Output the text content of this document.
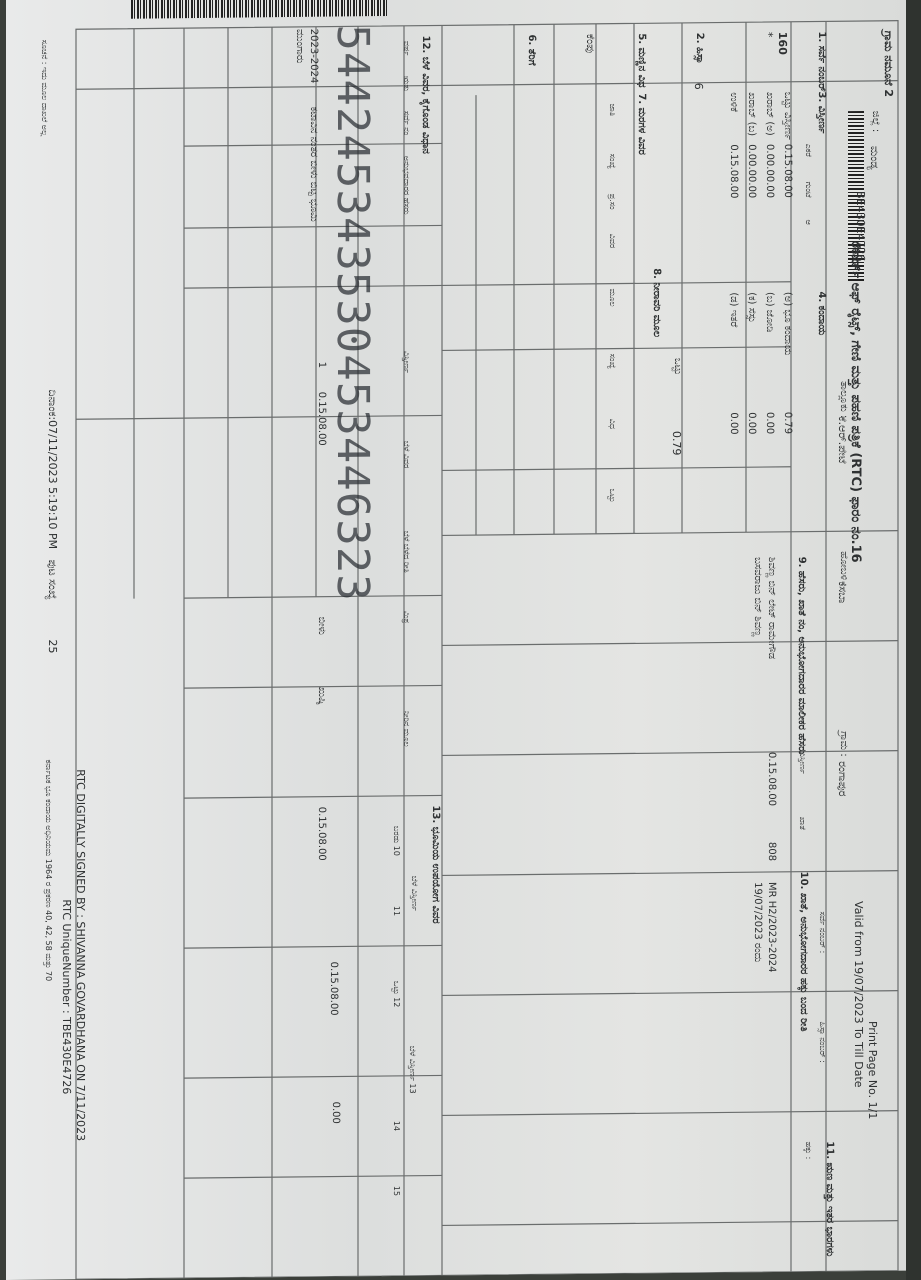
ರೆಕಾರ್ಡ್ ಆಫ್ ರೈಟ್ಸ್, ಗೇಣಿ ಮತ್ತು ಪಹಣಿ ಪತ್ರಿಕೆ (RTC) ಫಾರಂ ನಂ.16
Print Page No. 1/1
Valid from 19/07/2023 To Till Date
ಗ್ರಾಮ ನಮೂನೆ 2
ಗ್ರಾಮ :
ರಂಗಾಪುರ
ಹೋಬಳಿ :
ಕಸಬಾ
ತಾಲ್ಲೂಕು :
ಕೆ.ಆರ್.ಪೇಟೆ
ಜಿಲ್ಲೆ :
ಮಂಡ್ಯ
BE430E4726
ಸರ್ವೆ ನಂಬರ್ :
ಹಿಸ್ಸಾ ನಂಬರ್ :
1. ಸರ್ವೆ ನಂಬರ್
160
*
2. ಹಿಸ್ಸಾ
6
3. ವಿಸ್ತೀರ್ಣ
ಎಕರೆ
ಗುಂಟೆ
ಆ
ಒಟ್ಟು ವಿಸ್ತೀರ್ಣ
0.15.08.00
ಖರಾಬ್ (ಅ)
0.00.00.00
ಖರಾಬ್ (ಬ)
0.00.00.00
ಉಳಿಕೆ
0.15.08.00
4. ಕಂದಾಯ
(ಅ) ಭೂ ಕಂದಾಯ
0.79
(ಬ) ಜೋಡಿ
0.00
(ಕ) ಸೆಸ್ಸು
0.00
(ಡ) ಇತರೆ
0.00
ಒಟ್ಟು
0.79
5. ಮಣ್ಣಿನ ವಿಧ
ಕೆಂಪು
6. ತೆರಿಗೆ
7. ಮರಗಳ ವಿವರ
ಜಾತಿ
ಸಂಖ್ಯೆ
ಪ್ರ.ಸಂ
ವಿವರ
8. ನೀರಾವರಿ ಮೂಲ
ಮೂಲ
ಸಂಖ್ಯೆ
ವಿಧ
ಒಟ್ಟು
9. ಹೆಸರು, ಖಾತೆ ನಂ, ಅನುಭೋಗದಾರರ ಮಾಲೀಕರ ಹೆಸರು
ವಿಸ್ತೀರ್ಣ
ಖಾತೆ
ಶಿವಣ್ಣ ಬಿನ್ ಲೇಟ್ ರಾಮೇಗೌಡ
ಬಸವರಾಜು ಬಿನ್ ಶಿವಣ್ಣ
0.15.08.00
808
10. ಖಾತೆ, ಅನುಭೋಗದಾರರ ಹಕ್ಕು ಬಂದ ರೀತಿ
MR H2/2023-2024
19/07/2023 ರಂದು
11. ಋಣ ಮತ್ತು ಇತರ ಭಾರಗಳು
ಹಕ್ಕು :
12. ಬೆಳೆ ವಿವರ, ಕೈಗೊಂಡ ವಿಧಾನ
ವರ್ಷ
ಋತು
ಸರ್ವೆ ನಂ
ಅನುಭವದಾರರ ಹೆಸರು
ವಿಸ್ತೀರ್ಣ
ಬೆಳೆ ವಿವರ
ಬೆಳೆ ಬೆಳೆದ ರೀತಿ
ಮಿಶ್ರ
ನೀರಿನ ಮೂಲ
2023-2024
ಮುಂಗಾರು
ಕಟಾವಿನ ನಂತರ ಬೀಳು ಬಿಟ್ಟ ಭೂಮಿ
1
0.15.08.00
ಬೀಳು
ಖುಷ್ಕಿ
13. ಭೂಮಿಯ ಉಪಯೋಗ ವಿವರ
ಬೆಳೆ ವಿಸ್ತೀರ್ಣ
ಬರಡು 10
0.15.08.00
11
ಒಟ್ಟು 12
0.15.08.00
ಬೆಳೆ ವಿಸ್ತೀರ್ಣ 13
14
0.00
15
RTC DIGITALLY SIGNED BY : SHIVANNA GOVARDHANA ON 7/11/2023
RTC UniqueNumber : TBE430E4726
ಕರ್ನಾಟಕ ಭೂ ಕಂದಾಯ ಅಧಿನಿಯಮ 1964 ರ ಪ್ರಕರಣ 40, 42, 58 ಮತ್ತು 70
ದಿನಾಂಕ:07/11/2023 5:19:10 PM
ಪುಟ ಸಂಖ್ಯೆ
25
ಸೂಚನೆ : ಇದು ಮೂಲ ದಾಖಲೆ ಅಲ್ಲ	544245343530453446323
